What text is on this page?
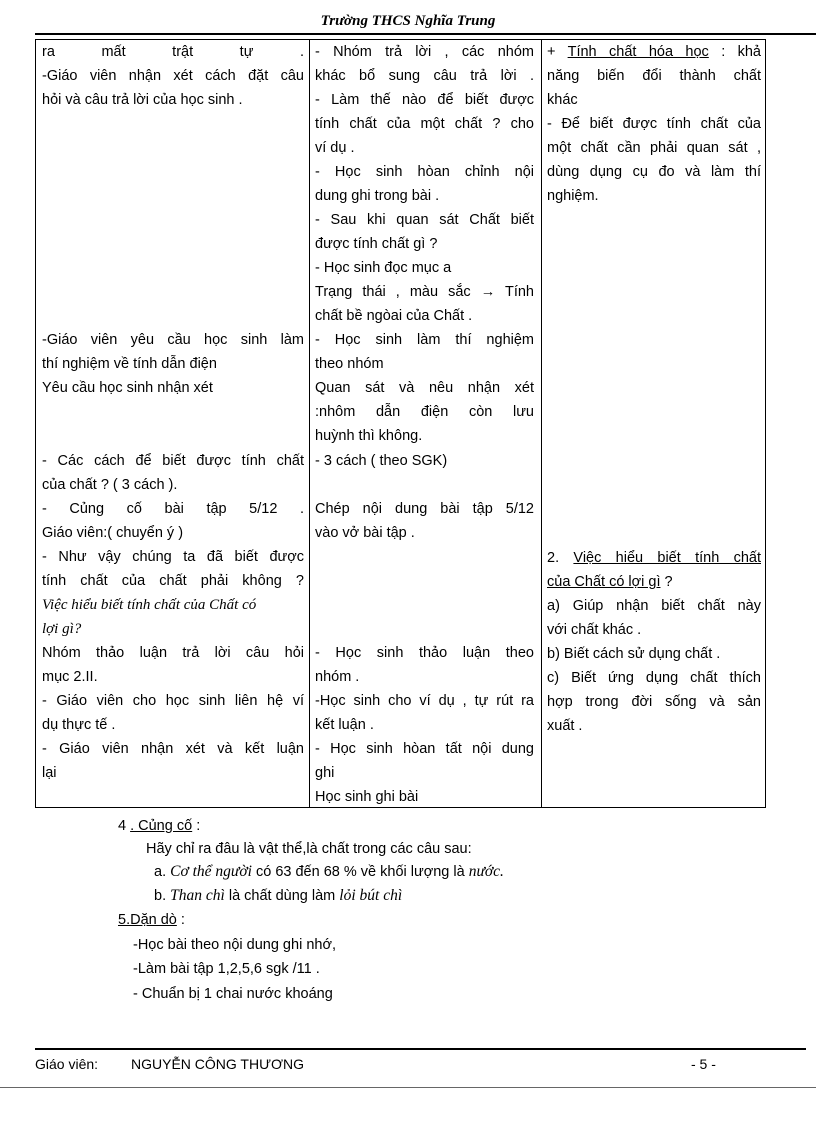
Trường THCS Nghĩa Trung
ra mất trật tự .
-Giáo viên nhận xét cách đặt câu
hỏi và câu trả lời của học sinh .
-Giáo viên yêu cầu học sinh làm
thí nghiệm về tính dẫn điện
Yêu cầu học sinh nhận xét
- Các cách để biết được tính chất
của chất ? ( 3 cách ).
- Củng cố bài tập 5/12 .
Giáo viên:( chuyển ý )
- Như vậy chúng ta đã biết được
tính chất của chất phải không ?
Việc hiểu biết tính chất của Chất có
lợi gì?
Nhóm thảo luận trả lời câu hỏi
mục 2.II.
- Giáo viên cho học sinh liên hệ ví
dụ thực tế .
- Giáo viên nhận xét và kết luận
lại
- Nhóm trả lời , các nhóm
khác bổ sung câu trả lời .
- Làm thế nào để biết được
tính chất của một chất ? cho
ví dụ .
- Học sinh hòan chỉnh nội
dung ghi trong bài .
- Sau khi quan sát Chất biết
được tính chất gì ?
- Học sinh đọc mục a
Trạng thái , màu sắc → Tính
chất bề ngòai của Chất .
- Học sinh làm thí nghiệm
theo nhóm
Quan sát và nêu nhận xét
:nhôm dẫn điện còn lưu
huỳnh thì không.
- 3 cách ( theo SGK)
Chép nội dung bài tập 5/12
vào vở bài tập .
- Học sinh thảo luận theo
nhóm .
-Học sinh cho ví dụ , tự rút ra
kết luận .
- Học sinh hòan tất nội dung
ghi
Học sinh ghi bài
+ Tính chất hóa học : khả
2. Việc hiểu biết tính chất
của Chất có lợi gì ?
năng biến đổi thành chất
khác
- Để biết được tính chất của
một chất cần phải quan sát ,
dùng dụng cụ đo và làm thí
nghiệm.
a) Giúp nhận biết chất này
với chất khác .
b) Biết cách sử dụng chất .
c) Biết ứng dụng chất thích
hợp trong đời sống và sản
xuất .
4 . Củng cố :
Hãy chỉ ra đâu là vật thể,là chất trong các câu sau:
a. Cơ thể người có 63 đến 68 % về khối lượng là nước.
b. Than chì là chất dùng làm lỏi bút chì
5.Dặn dò :
-Học bài theo nội dung ghi nhớ,
-Làm bài tập 1,2,5,6 sgk /11 .
- Chuẩn bị 1 chai nước khoáng
Giáo viên: NGUYỄN CÔNG THƯƠNG	- 5 -
